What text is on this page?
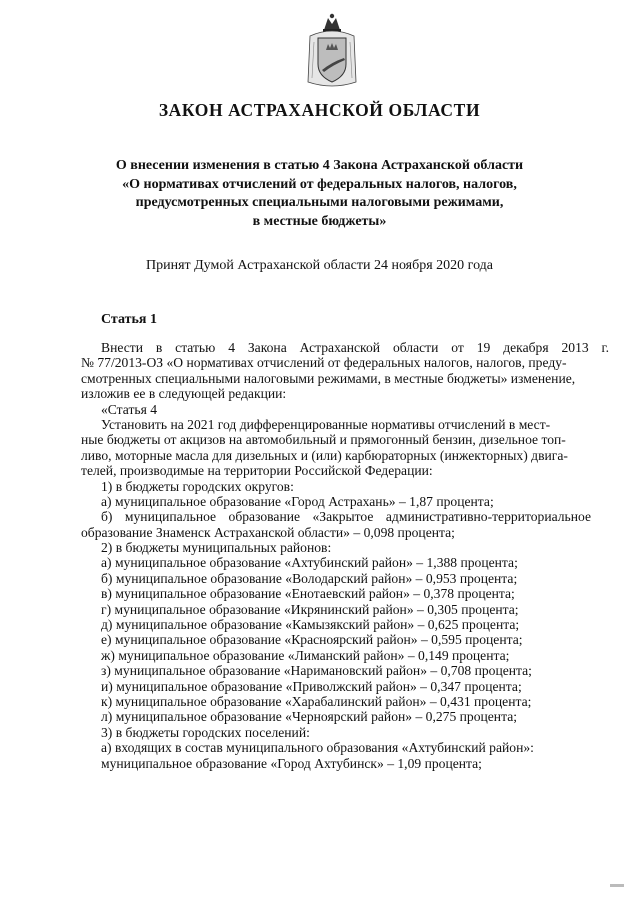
ЗАКОН АСТРАХАНСКОЙ ОБЛАСТИ
О внесении изменения в статью 4 Закона Астраханской области
«О нормативах отчислений от федеральных налогов, налогов,
предусмотренных специальными налоговыми режимами,
в местные бюджеты»
Принят Думой Астраханской области 24 ноября 2020 года
Статья 1
Внести в статью 4 Закона Астраханской области от 19 декабря 2013 г.
№ 77/2013-ОЗ «О нормативах отчислений от федеральных налогов, налогов, преду-
смотренных специальными налоговыми режимами, в местные бюджеты» изменение,
изложив ее в следующей редакции:
«Статья 4
Установить на 2021 год дифференцированные нормативы отчислений в мест-
ные бюджеты от акцизов на автомобильный и прямогонный бензин, дизельное топ-
ливо, моторные масла для дизельных и (или) карбюраторных (инжекторных) двига-
телей, производимые на территории Российской Федерации:
1) в бюджеты городских округов:
а) муниципальное образование «Город Астрахань» – 1,87 процента;
б) муниципальное образование «Закрытое административно-территориальное
образование Знаменск Астраханской области» – 0,098 процента;
2) в бюджеты муниципальных районов:
а) муниципальное образование «Ахтубинский район» – 1,388 процента;
б) муниципальное образование «Володарский район» – 0,953 процента;
в) муниципальное образование «Енотаевский район» – 0,378 процента;
г) муниципальное образование «Икрянинский район» – 0,305 процента;
д) муниципальное образование «Камызякский район» – 0,625 процента;
е) муниципальное образование «Красноярский район» – 0,595 процента;
ж) муниципальное образование «Лиманский район» – 0,149 процента;
з) муниципальное образование «Наримановский район» – 0,708 процента;
и) муниципальное образование «Приволжский район» – 0,347 процента;
к) муниципальное образование «Харабалинский район» – 0,431 процента;
л) муниципальное образование «Черноярский район» – 0,275 процента;
3) в бюджеты городских поселений:
а) входящих в состав муниципального образования «Ахтубинский район»:
муниципальное образование «Город Ахтубинск» – 1,09 процента;
